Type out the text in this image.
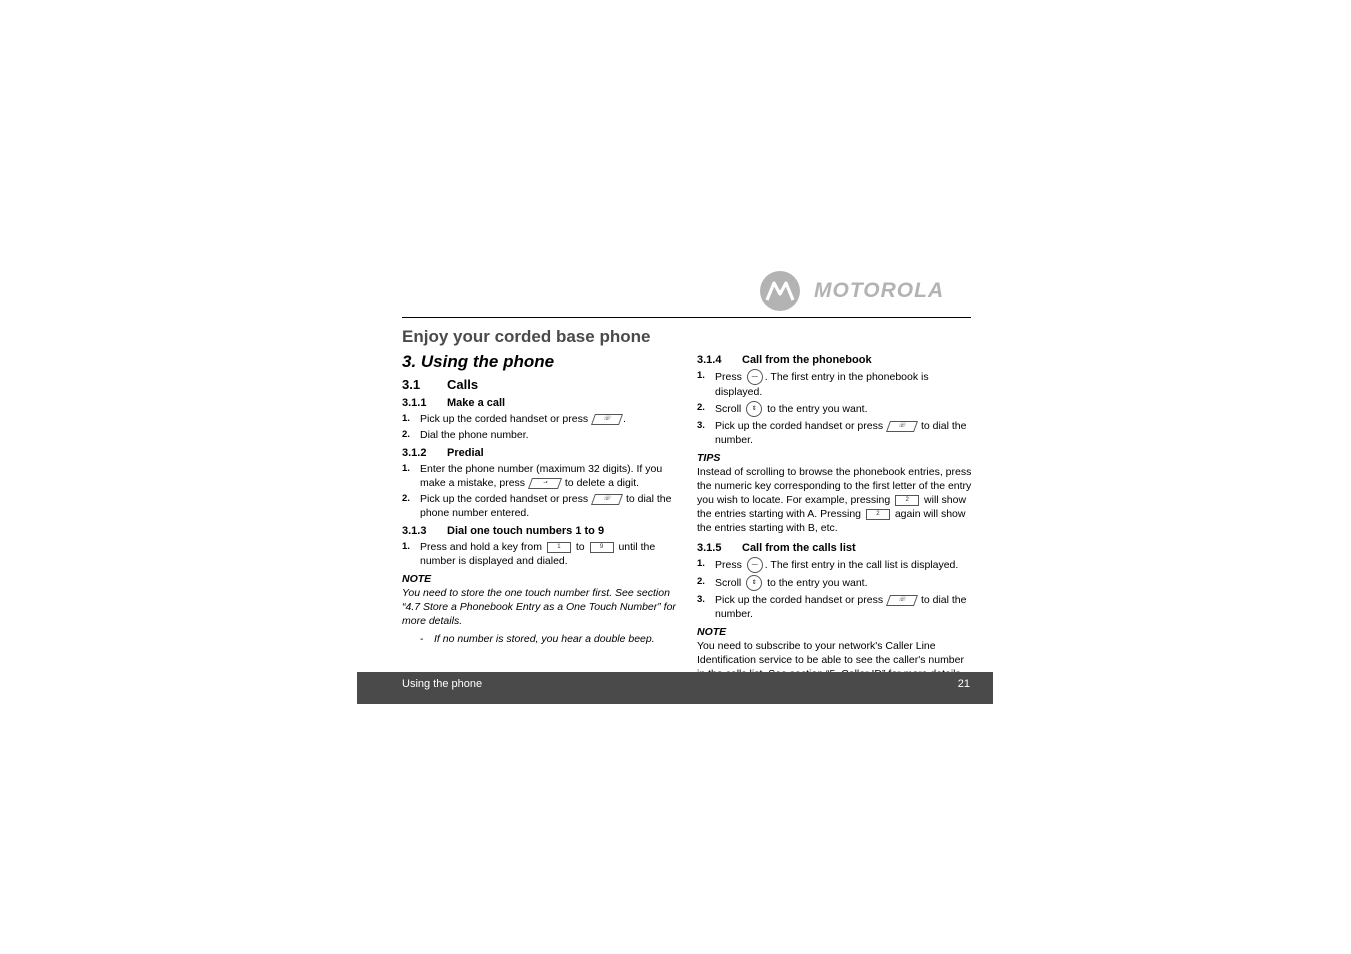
MOTOROLA
Enjoy your corded base phone
3. Using the phone
3.1 Calls
3.1.1 Make a call
1. Pick up the corded handset or press ☏ .
2. Dial the phone number.
3.1.2 Predial
1. Enter the phone number (maximum 32 digits). If you make a mistake, press	-• to delete a digit.
2. Pick up the corded handset or press ☏ to dial the phone number entered.
3.1.3 Dial one touch numbers 1 to 9
1. Press and hold a key from	1 to	9 until the number is displayed and dialed.
NOTE
You need to store the one touch number first. See section “4.7 Store a Phonebook Entry as a One Touch Number” for more details.
- If no number is stored, you hear a double beep.
3.1.4 Call from the phonebook
1. Press — . The first entry in the phonebook is displayed.
2. Scroll ⇕ to the entry you want.
3. Pick up the corded handset or press ☏ to dial the number.
TIPS
Instead of scrolling to browse the phonebook entries, press the numeric key corresponding to the first letter of the entry you wish to locate. For example, pressing	2 will show the entries starting with A. Pressing	2 again will show the entries starting with B, etc.
3.1.5 Call from the calls list
1. Press — . The first entry in the call list is displayed.
2. Scroll ⇕ to the entry you want.
3. Pick up the corded handset or press ☏ to dial the number.
NOTE
You need to subscribe to your network's Caller Line Identification service to be able to see the caller's number
Using the phone	21
